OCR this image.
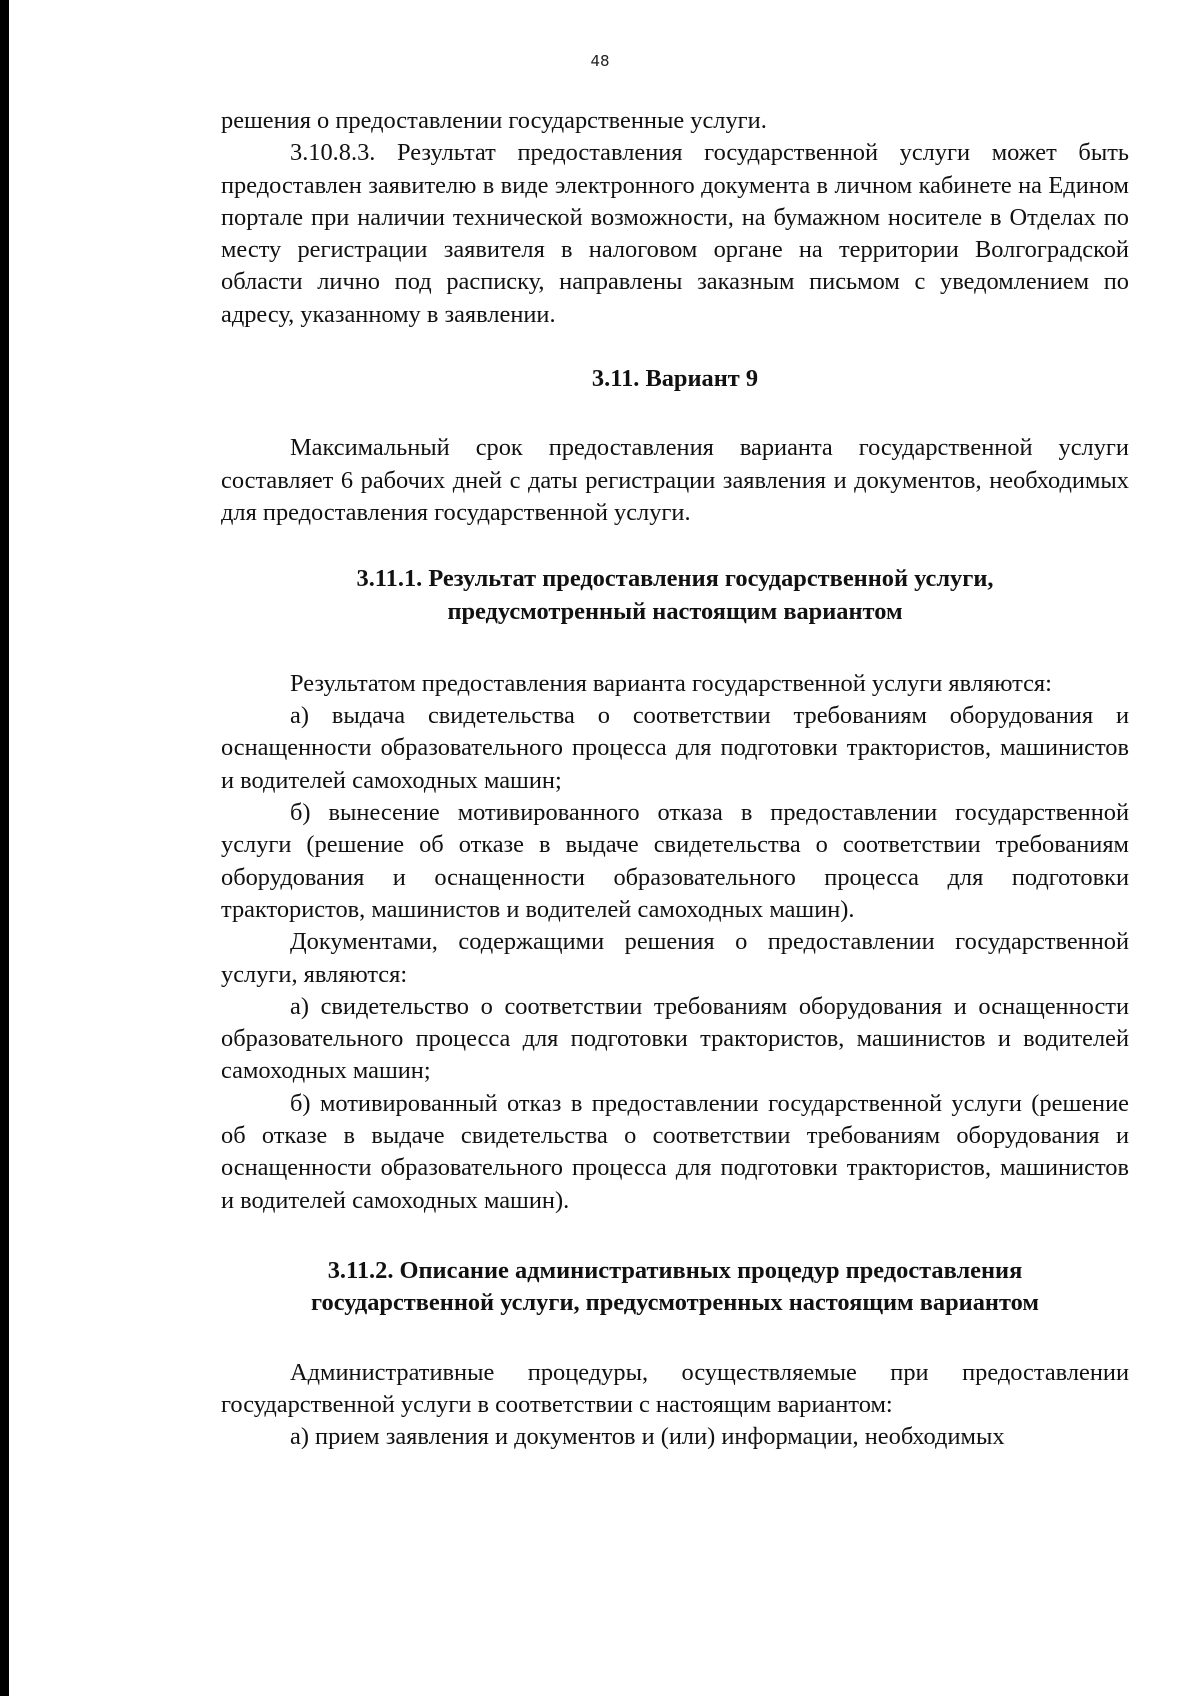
48

решения о предоставлении государственные услуги.

3.10.8.3. Результат предоставления государственной услуги может быть предоставлен заявителю в виде электронного документа в личном кабинете на Едином портале при наличии технической возможности, на бумажном носителе в Отделах по месту регистрации заявителя в налоговом органе на территории Волгоградской области лично под расписку, направлены заказным письмом с уведомлением по адресу, указанному в заявлении.

3.11. Вариант 9

Максимальный срок предоставления варианта государственной услуги составляет 6 рабочих дней с даты регистрации заявления и документов, необходимых для предоставления государственной услуги.

3.11.1. Результат предоставления государственной услуги,
предусмотренный настоящим вариантом

Результатом предоставления варианта государственной услуги являются:

а) выдача свидетельства о соответствии требованиям оборудования и оснащенности образовательного процесса для подготовки трактористов, машинистов и водителей самоходных машин;

б) вынесение мотивированного отказа в предоставлении государственной услуги (решение об отказе в выдаче свидетельства о соответствии требованиям оборудования и оснащенности образовательного процесса для подготовки трактористов, машинистов и водителей самоходных машин).

Документами, содержащими решения о предоставлении государственной услуги, являются:

а) свидетельство о соответствии требованиям оборудования и оснащенности образовательного процесса для подготовки трактористов, машинистов и водителей самоходных машин;

б) мотивированный отказ в предоставлении государственной услуги (решение об отказе в выдаче свидетельства о соответствии требованиям оборудования и оснащенности образовательного процесса для подготовки трактористов, машинистов и водителей самоходных машин).

3.11.2. Описание административных процедур предоставления
государственной услуги, предусмотренных настоящим вариантом

Административные процедуры, осуществляемые при предоставлении государственной услуги в соответствии с настоящим вариантом:

а) прием заявления и документов и (или) информации, необходимых
